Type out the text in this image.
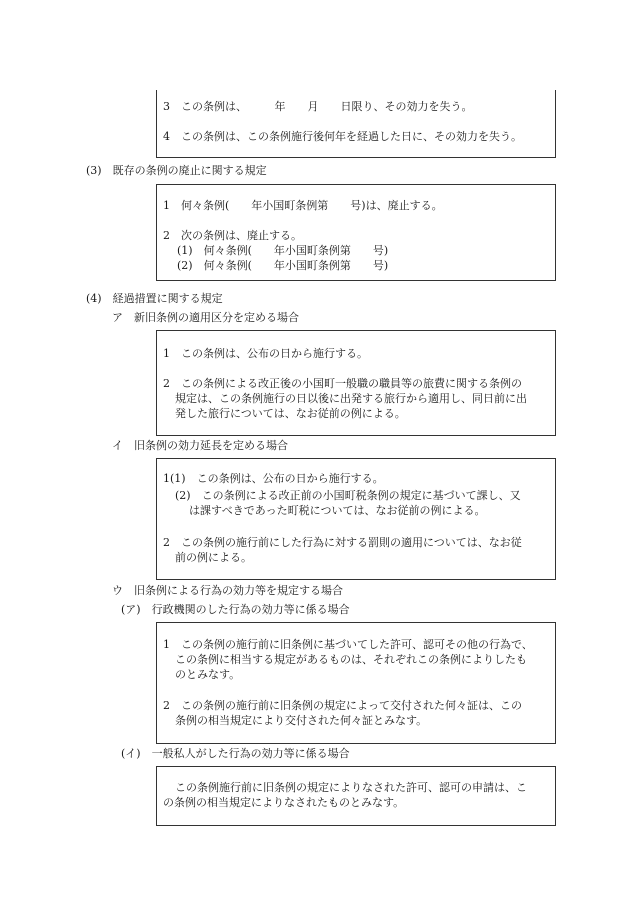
3　この条例は、　　　年　　月　　日限り、その効力を失う。
4　この条例は、この条例施行後何年を経過した日に、その効力を失う。
(3)　既存の条例の廃止に関する規定
1　何々条例(　　年小国町条例第　　号)は、廃止する。
2　次の条例は、廃止する。
(1)　何々条例(　　年小国町条例第　　号)
(2)　何々条例(　　年小国町条例第　　号)
(4)　経過措置に関する規定
ア　新旧条例の適用区分を定める場合
1　この条例は、公布の日から施行する。
2　この条例による改正後の小国町一般職の職員等の旅費に関する条例の
規定は、この条例施行の日以後に出発する旅行から適用し、同日前に出
発した旅行については、なお従前の例による。
イ　旧条例の効力延長を定める場合
1(1)　この条例は、公布の日から施行する。
(2)　この条例による改正前の小国町税条例の規定に基づいて課し、又
は課すべきであった町税については、なお従前の例による。
2　この条例の施行前にした行為に対する罰則の適用については、なお従
前の例による。
ウ　旧条例による行為の効力等を規定する場合
(ア)　行政機関のした行為の効力等に係る場合
1　この条例の施行前に旧条例に基づいてした許可、認可その他の行為で、
この条例に相当する規定があるものは、それぞれこの条例によりしたも
のとみなす。
2　この条例の施行前に旧条例の規定によって交付された何々証は、この
条例の相当規定により交付された何々証とみなす。
(イ)　一般私人がした行為の効力等に係る場合
この条例施行前に旧条例の規定によりなされた許可、認可の申請は、こ
の条例の相当規定によりなされたものとみなす。
